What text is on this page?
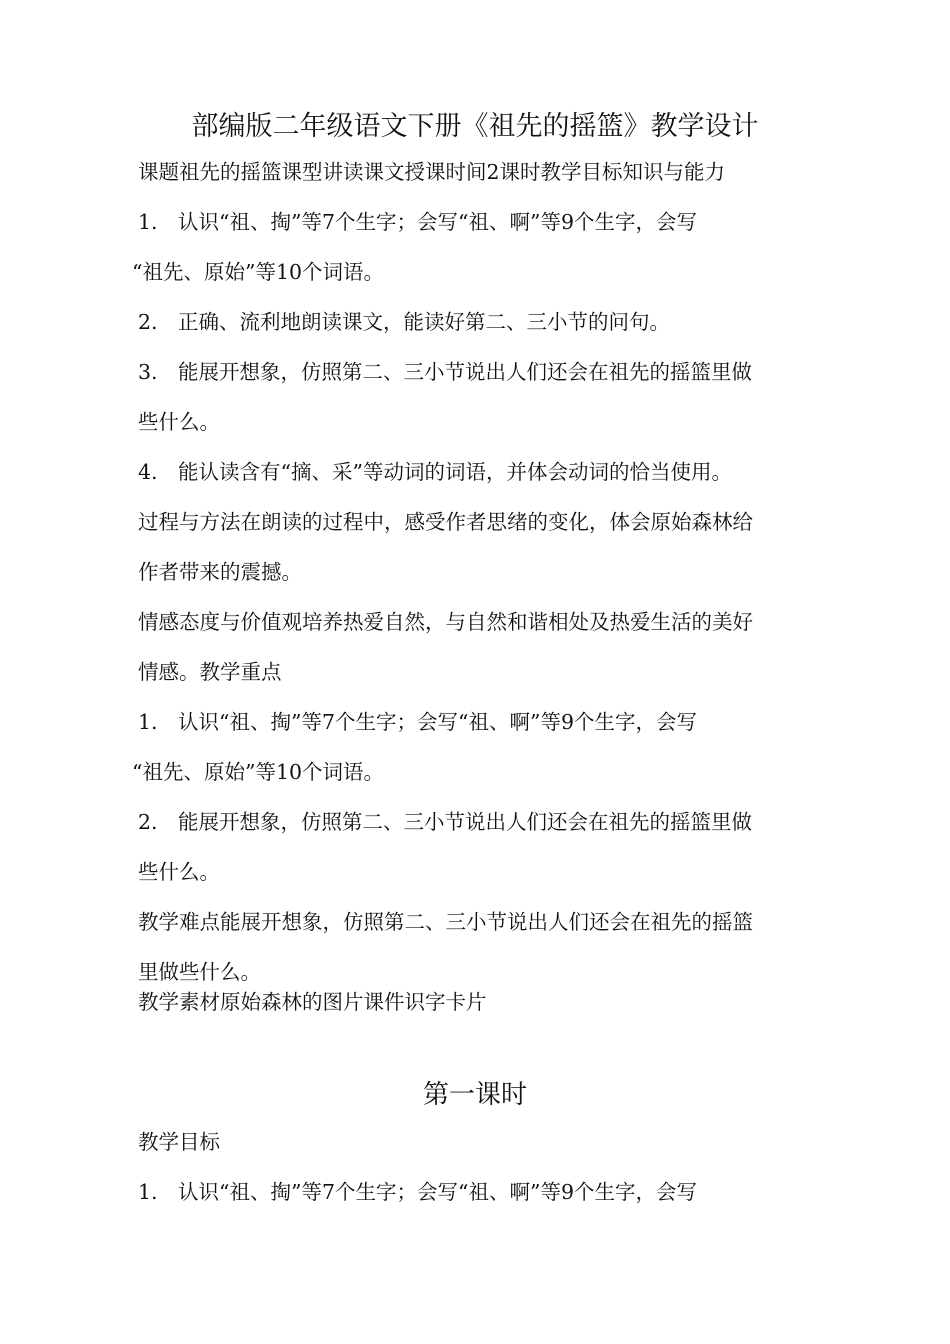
部编版二年级语文下册《祖先的摇篮》教学设计
课题祖先的摇篮课型讲读课文授课时间2课时教学目标知识与能力
1. 认识“祖、掏”等7个生字；会写“祖、啊”等9个生字，会写
“祖先、原始”等10个词语。
2. 正确、流利地朗读课文，能读好第二、三小节的问句。
3. 能展开想象，仿照第二、三小节说出人们还会在祖先的摇篮里做
些什么。
4. 能认读含有“摘、采”等动词的词语，并体会动词的恰当使用。
过程与方法在朗读的过程中，感受作者思绪的变化，体会原始森林给
作者带来的震撼。
情感态度与价值观培养热爱自然，与自然和谐相处及热爱生活的美好
情感。教学重点
1. 认识“祖、掏”等7个生字；会写“祖、啊”等9个生字，会写
“祖先、原始”等10个词语。
2. 能展开想象，仿照第二、三小节说出人们还会在祖先的摇篮里做
些什么。
教学难点能展开想象，仿照第二、三小节说出人们还会在祖先的摇篮
里做些什么。
教学素材原始森林的图片课件识字卡片
第一课时
教学目标
1. 认识“祖、掏”等7个生字；会写“祖、啊”等9个生字，会写
